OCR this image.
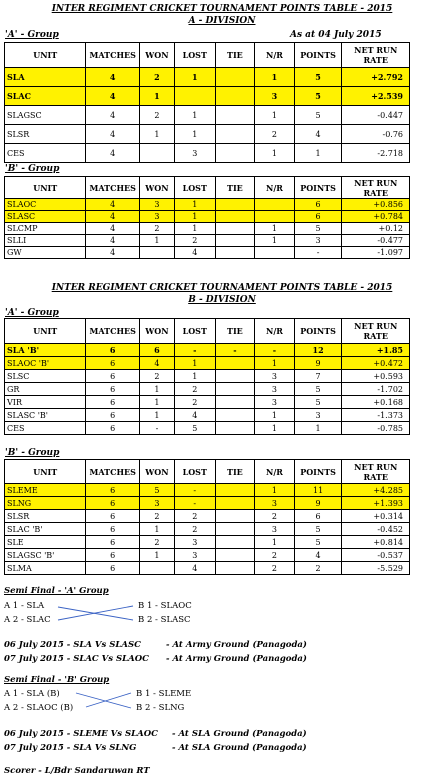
INTER REGIMENT CRICKET TOURNAMENT POINTS TABLE - 2015
A - DIVISION
'A' - Group	As at 04 July 2015
UNIT	MATCHES	WON	LOST	TIE	N/R	POINTS	NET RUN RATE
SLA	4	2	1		1	5	+2.792
SLAC	4	1			3	5	+2.539
SLAGSC	4	2	1		1	5	-0.447
SLSR	4	1	1		2	4	-0.76
CES	4		3		1	1	-2.718
'B' - Group
UNIT	MATCHES	WON	LOST	TIE	N/R	POINTS	NET RUN RATE
SLAOC	4	3	1			6	+0.856
SLASC	4	3	1			6	+0.784
SLCMP	4	2	1		1	5	+0.12
SLLI	4	1	2		1	3	-0.477
GW	4		4			-	-1.097
INTER REGIMENT CRICKET TOURNAMENT POINTS TABLE - 2015
B - DIVISION
'A' - Group
UNIT	MATCHES	WON	LOST	TIE	N/R	POINTS	NET RUN RATE
SLA 'B'	6	6	-	-	-	12	+1.85
SLAOC 'B'	6	4	1		1	9	+0.472
SLSC	6	2	1		3	7	+0.593
GR	6	1	2		3	5	-1.702
VIR	6	1	2		3	5	+0.168
SLASC 'B'	6	1	4		1	3	-1.373
CES	6	-	5		1	1	-0.785
'B' - Group
UNIT	MATCHES	WON	LOST	TIE	N/R	POINTS	NET RUN RATE
SLEME	6	5	-		1	11	+4.285
SLNG	6	3	-		3	9	+1.393
SLSR	6	2	2		2	6	+0.314
SLAC 'B'	6	1	2		3	5	-0.452
SLE	6	2	3		1	5	+0.814
SLAGSC 'B'	6	1	3		2	4	-0.537
SLMA	6		4		2	2	-5.529
Semi Final - 'A' Group
A 1 - SLA
A 2 - SLAC
B 1 - SLAOC
B 2 - SLASC
06 July 2015 - SLA Vs SLASC	- At Army Ground (Panagoda)
07 July 2015 - SLAC Vs SLAOC - At Army Ground (Panagoda)
Semi Final - 'B' Group
A 1 - SLA (B)
A 2 - SLAOC (B)
B 1 - SLEME
B 2 - SLNG
06 July 2015 - SLEME Vs SLAOC - At SLA Ground (Panagoda)
07 July 2015 - SLA Vs SLNG	- At SLA Ground (Panagoda)
Scorer - L/Bdr Sandaruwan RT
